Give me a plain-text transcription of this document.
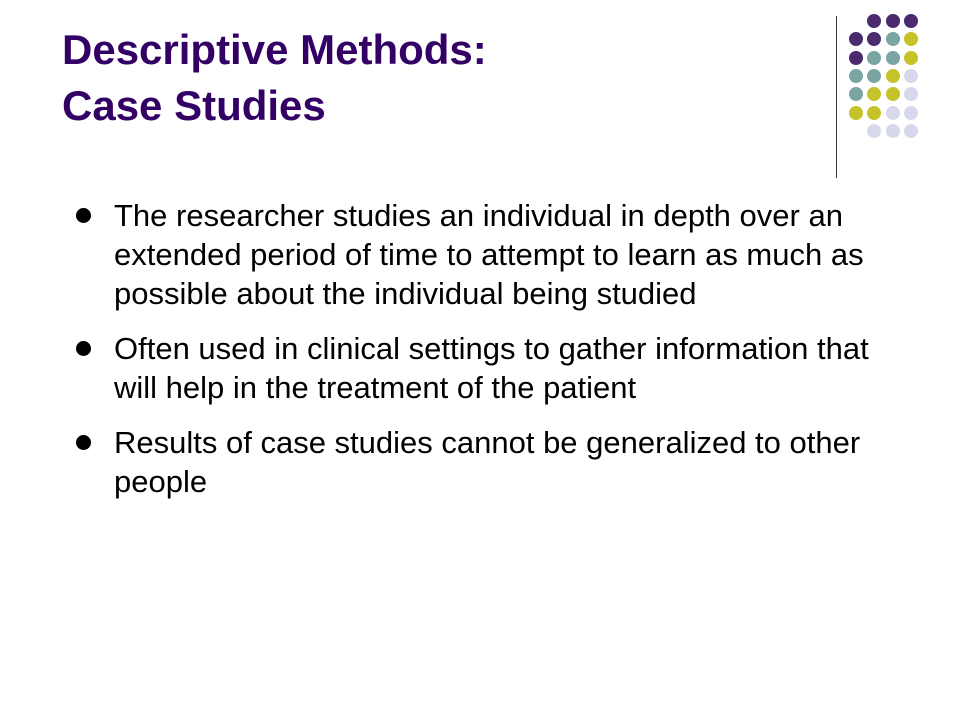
Descriptive Methods:
Case Studies
The researcher studies an individual in depth over an extended period of time to attempt to learn as much as possible about the individual being studied
Often used in clinical settings to gather information that will help in the treatment of the patient
Results of case studies cannot be generalized to other people
